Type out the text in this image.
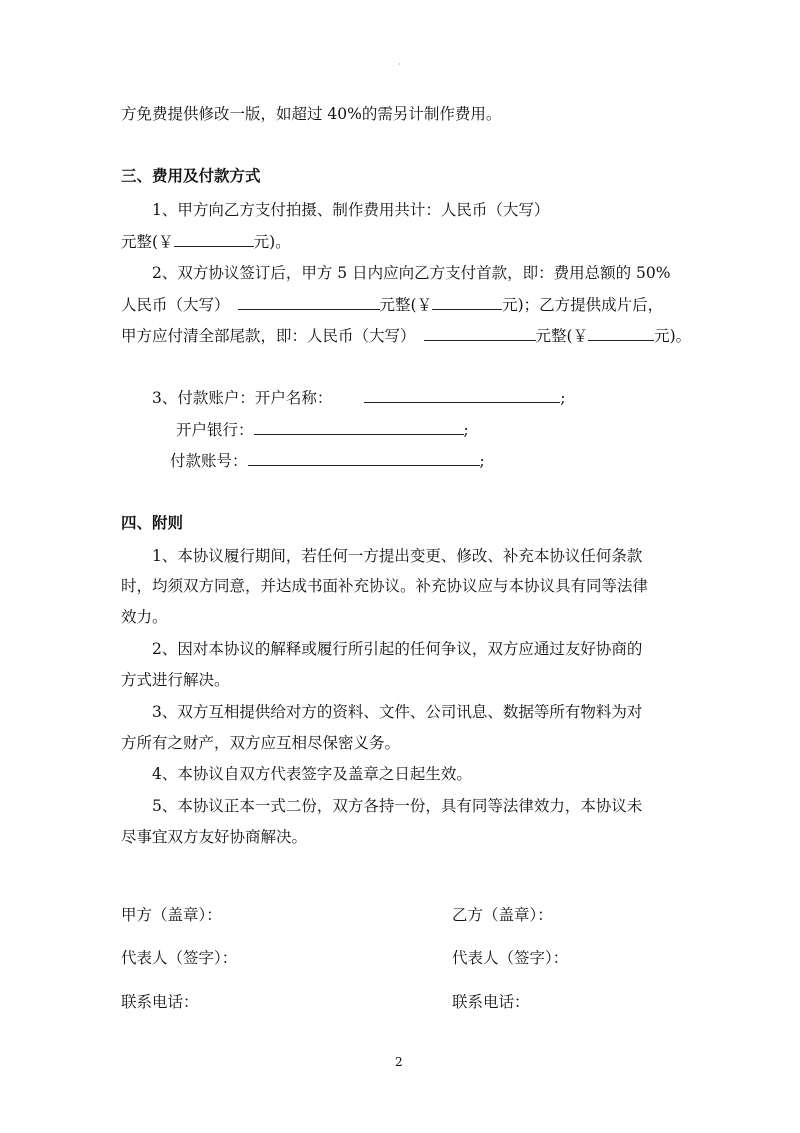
·
方免费提供修改一版，如超过 40%的需另计制作费用。
三、费用及付款方式
1、甲方向乙方支付拍摄、制作费用共计：人民币（大写）
元整(￥	元)。
2、双方协议签订后，甲方 5 日内应向乙方支付首款，即：费用总额的 50%
人民币（大写）	元整(￥	元)；乙方提供成片后，
甲方应付清全部尾款，即：人民币（大写）	元整(￥	元)。
3、付款账户：开户名称：	;
开户银行：	;
付款账号：	;
四、附则
1、本协议履行期间，若任何一方提出变更、修改、补充本协议任何条款
时，均须双方同意，并达成书面补充协议。补充协议应与本协议具有同等法律
效力。
2、因对本协议的解释或履行所引起的任何争议，双方应通过友好协商的
方式进行解决。
3、双方互相提供给对方的资料、文件、公司讯息、数据等所有物料为对
方所有之财产，双方应互相尽保密义务。
4、本协议自双方代表签字及盖章之日起生效。
5、本协议正本一式二份，双方各持一份，具有同等法律效力，本协议未
尽事宜双方友好协商解决。
甲方（盖章）：	乙方（盖章）：
代表人（签字）：	代表人（签字）：
联系电话：	联系电话：
2
